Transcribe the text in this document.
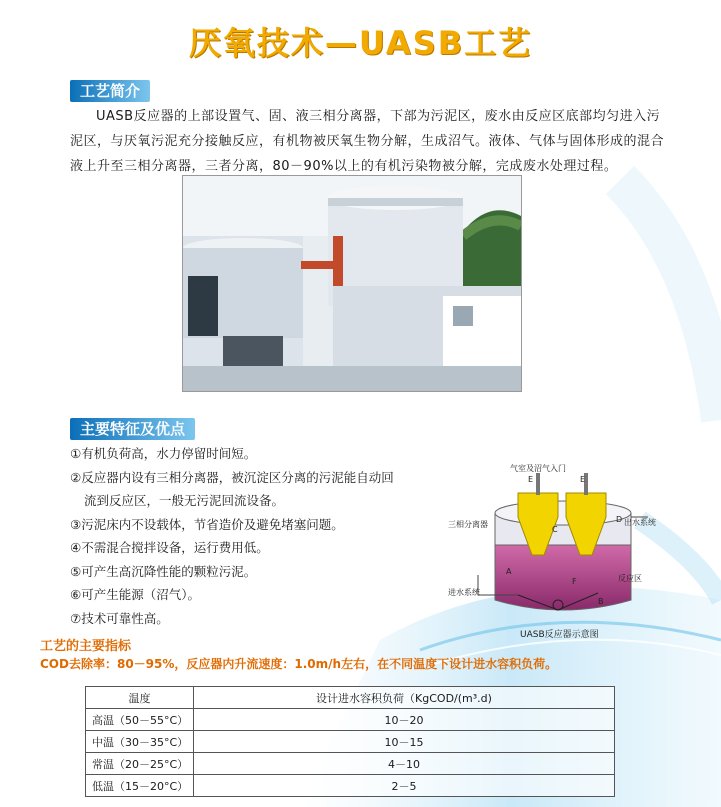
厌氧技术—UASB工艺
工艺简介
UASB反应器的上部设置气、固、液三相分离器，下部为污泥区，废水由反应区底部均匀进入污泥区，与厌氧污泥充分接触反应，有机物被厌氧生物分解，生成沼气。液体、气体与固体形成的混合液上升至三相分离器，三者分离，80－90%以上的有机污染物被分解，完成废水处理过程。
主要特征及优点
①有机负荷高，水力停留时间短。
②反应器内设有三相分离器，被沉淀区分离的污泥能自动回
流到反应区，一般无污泥回流设备。
③污泥床内不设载体，节省造价及避免堵塞问题。
④不需混合搅拌设备，运行费用低。
⑤可产生高沉降性能的颗粒污泥。
⑥可产生能源（沼气）。
⑦技术可靠性高。
气室及沼气入门
E	E
D 出水系统
三相分离器
C
F	反应区
A
B
进水系统
UASB反应器示意图
工艺的主要指标
COD去除率：80－95%，反应器内升流速度：1.0m/h左右，在不同温度下设计进水容积负荷。
温度	设计进水容积负荷（KgCOD/(m³.d)
高温（50－55°C）	10－20
中温（30－35°C）	10－15
常温（20－25°C）	4－10
低温（15－20°C）	2－5
